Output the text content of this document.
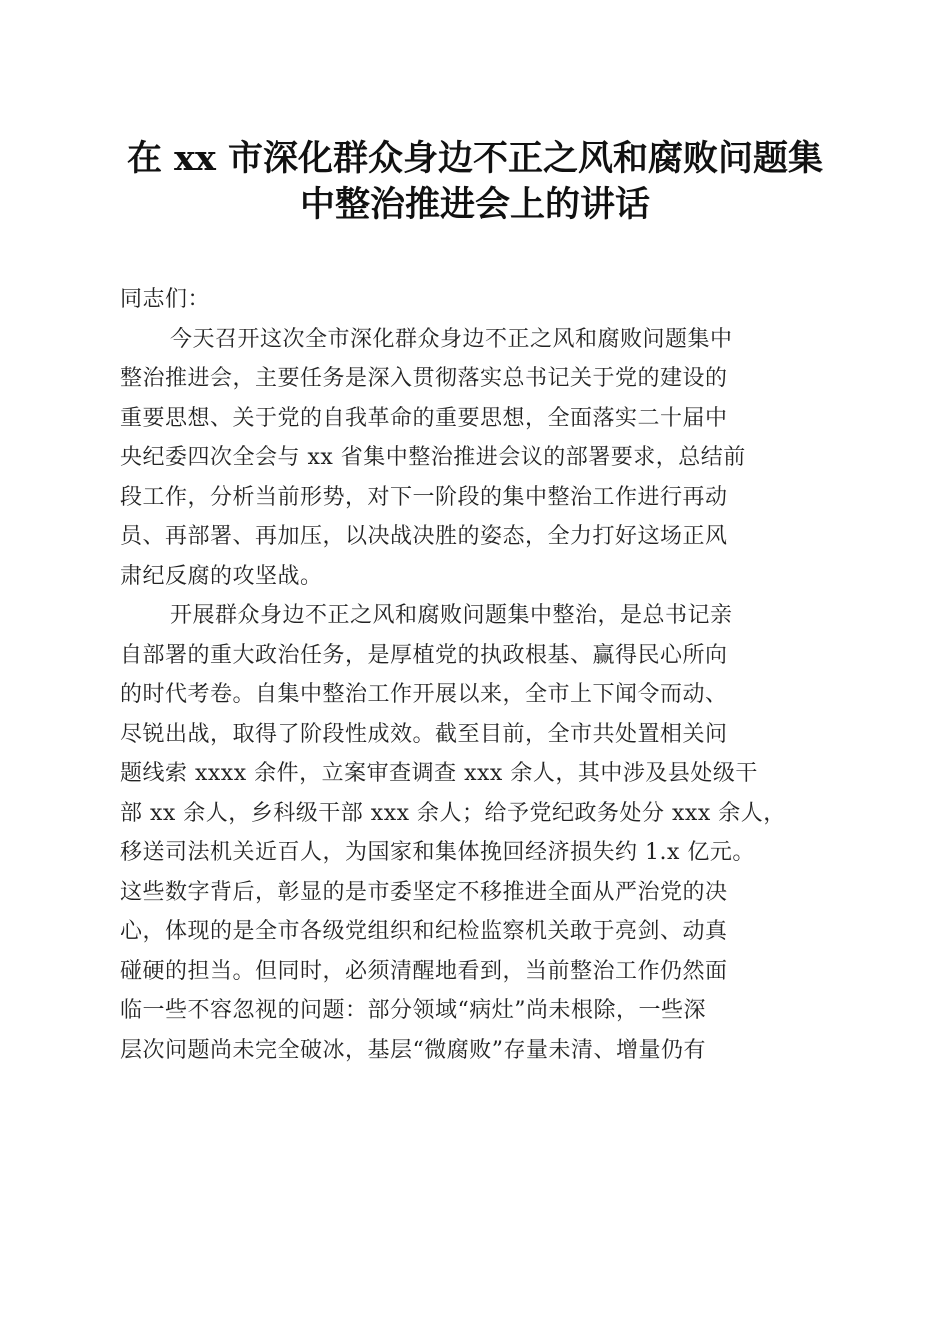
在 xx 市深化群众身边不正之风和腐败问题集
中整治推进会上的讲话
同志们：
今天召开这次全市深化群众身边不正之风和腐败问题集中
整治推进会，主要任务是深入贯彻落实总书记关于党的建设的
重要思想、关于党的自我革命的重要思想，全面落实二十届中
央纪委四次全会与 xx 省集中整治推进会议的部署要求，总结前
段工作，分析当前形势，对下一阶段的集中整治工作进行再动
员、再部署、再加压，以决战决胜的姿态，全力打好这场正风
肃纪反腐的攻坚战。
开展群众身边不正之风和腐败问题集中整治，是总书记亲
自部署的重大政治任务，是厚植党的执政根基、赢得民心所向
的时代考卷。自集中整治工作开展以来，全市上下闻令而动、
尽锐出战，取得了阶段性成效。截至目前，全市共处置相关问
题线索 xxxx 余件，立案审查调查 xxx 余人，其中涉及县处级干
部 xx 余人，乡科级干部 xxx 余人；给予党纪政务处分 xxx 余人，
移送司法机关近百人，为国家和集体挽回经济损失约 1.x 亿元。
这些数字背后，彰显的是市委坚定不移推进全面从严治党的决
心，体现的是全市各级党组织和纪检监察机关敢于亮剑、动真
碰硬的担当。但同时，必须清醒地看到，当前整治工作仍然面
临一些不容忽视的问题：部分领域“病灶”尚未根除，一些深
层次问题尚未完全破冰，基层“微腐败”存量未清、增量仍有
